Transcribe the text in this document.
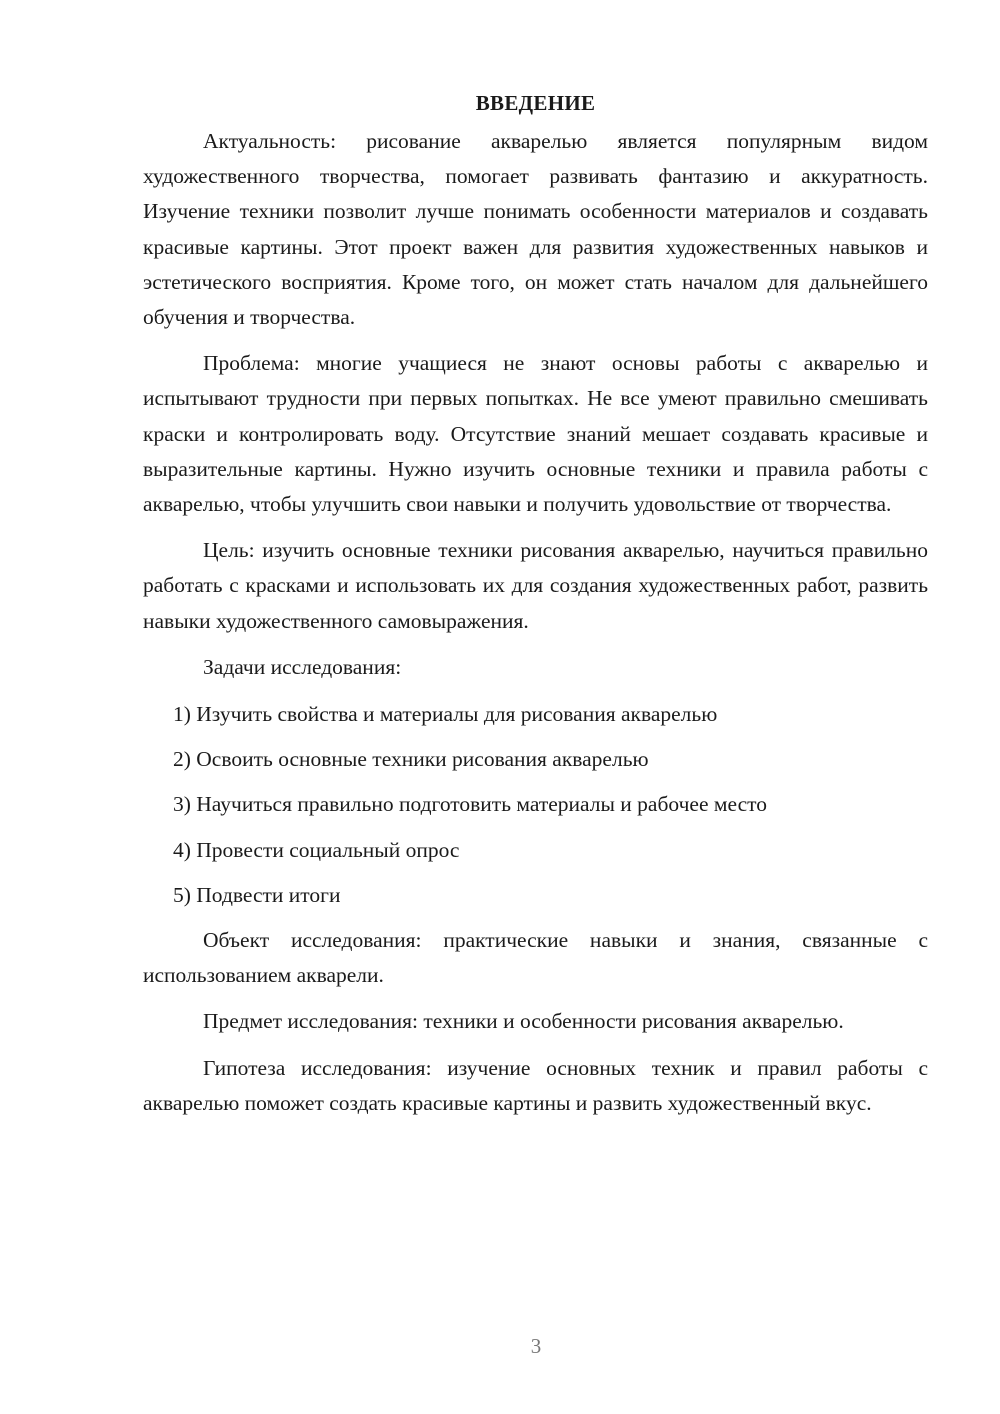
ВВЕДЕНИЕ

Актуальность: рисование акварелью является популярным видом художественного творчества, помогает развивать фантазию и аккуратность. Изучение техники позволит лучше понимать особенности материалов и создавать красивые картины. Этот проект важен для развития художественных навыков и эстетического восприятия. Кроме того, он может стать началом для дальнейшего обучения и творчества.

Проблема: многие учащиеся не знают основы работы с акварелью и испытывают трудности при первых попытках. Не все умеют правильно смешивать краски и контролировать воду. Отсутствие знаний мешает создавать красивые и выразительные картины. Нужно изучить основные техники и правила работы с акварелью, чтобы улучшить свои навыки и получить удовольствие от творчества.

Цель: изучить основные техники рисования акварелью, научиться правильно работать с красками и использовать их для создания художественных работ, развить навыки художественного самовыражения.

Задачи исследования:

1) Изучить свойства и материалы для рисования акварелью
2) Освоить основные техники рисования акварелью
3) Научиться правильно подготовить материалы и рабочее место
4) Провести социальный опрос
5) Подвести итоги

Объект исследования: практические навыки и знания, связанные с использованием акварели.

Предмет исследования: техники и особенности рисования акварелью.

Гипотеза исследования: изучение основных техник и правил работы с акварелью поможет создать красивые картины и развить художественный вкус.

3
